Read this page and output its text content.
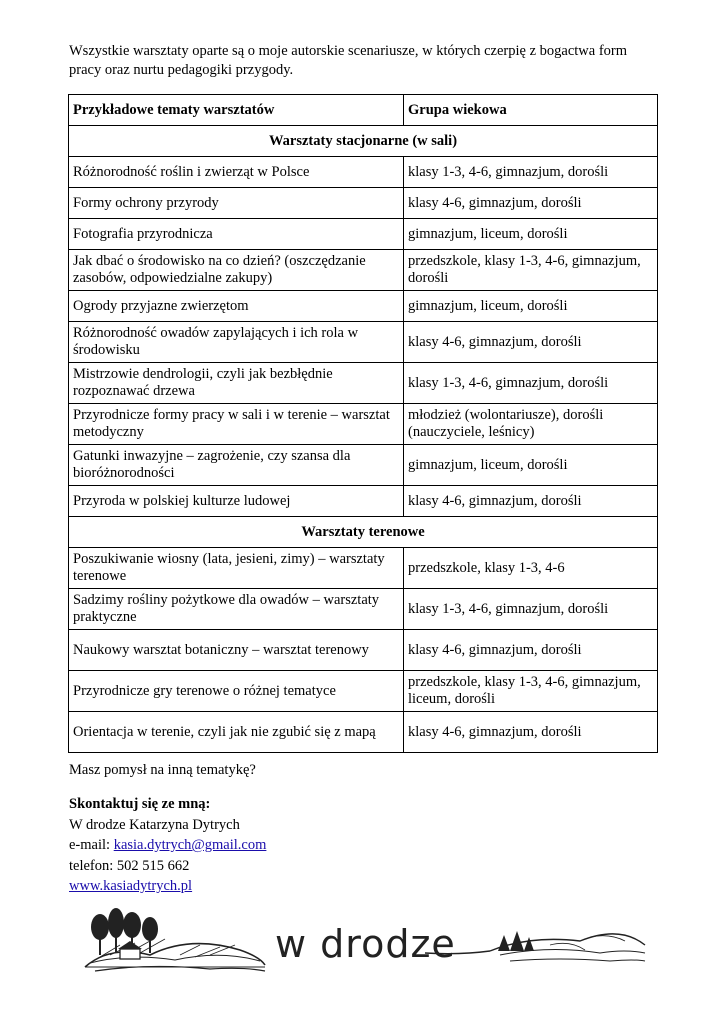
Wszystkie warsztaty oparte są o moje autorskie scenariusze, w których czerpię z bogactwa form pracy oraz nurtu pedagogiki przygody.

Przykładowe tematy warsztatów	Grupa wiekowa
Warsztaty stacjonarne (w sali)	
Różnorodność roślin i zwierząt w Polsce	klasy 1-3, 4-6, gimnazjum, dorośli
Formy ochrony przyrody	klasy 4-6, gimnazjum, dorośli
Fotografia przyrodnicza	gimnazjum, liceum, dorośli
Jak dbać o środowisko na co dzień? (oszczędzanie zasobów, odpowiedzialne zakupy)	przedszkole, klasy 1-3, 4-6, gimnazjum, dorośli
Ogrody przyjazne zwierzętom	gimnazjum, liceum, dorośli
Różnorodność owadów zapylających i ich rola w środowisku	klasy 4-6, gimnazjum, dorośli
Mistrzowie dendrologii, czyli jak bezbłędnie rozpoznawać drzewa	klasy 1-3, 4-6, gimnazjum, dorośli
Przyrodnicze formy pracy w sali i w terenie – warsztat metodyczny	młodzież (wolontariusze), dorośli (nauczyciele, leśnicy)
Gatunki inwazyjne – zagrożenie, czy szansa dla bioróżnorodności	gimnazjum, liceum, dorośli
Przyroda w polskiej kulturze ludowej	klasy 4-6, gimnazjum, dorośli
Warsztaty terenowe	
Poszukiwanie wiosny (lata, jesieni, zimy) – warsztaty terenowe	przedszkole, klasy 1-3, 4-6
Sadzimy rośliny pożytkowe dla owadów – warsztaty praktyczne	klasy 1-3, 4-6, gimnazjum, dorośli
Naukowy warsztat botaniczny – warsztat terenowy	klasy 4-6, gimnazjum, dorośli
Przyrodnicze gry terenowe o różnej tematyce	przedszkole, klasy 1-3, 4-6, gimnazjum, liceum, dorośli
Orientacja w terenie, czyli jak nie zgubić się z mapą	klasy 4-6, gimnazjum, dorośli

Masz pomysł na inną tematykę?

Skontaktuj się ze mną:
W drodze Katarzyna Dytrych
e-mail: kasia.dytrych@gmail.com
telefon: 502 515 662
www.kasiadytrych.pl
w drodze
